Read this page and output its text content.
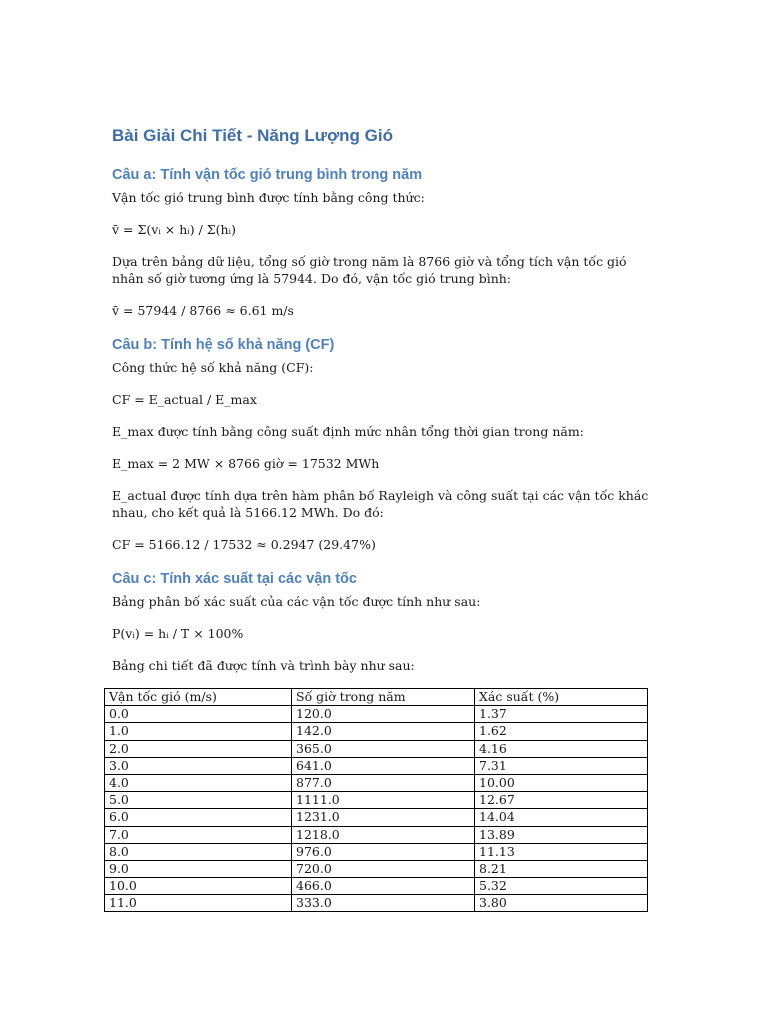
Bài Giải Chi Tiết - Năng Lượng Gió
Câu a: Tính vận tốc gió trung bình trong năm

Vận tốc gió trung bình được tính bằng công thức:

v̄ = Σ(vᵢ × hᵢ) / Σ(hᵢ)

Dựa trên bảng dữ liệu, tổng số giờ trong năm là 8766 giờ và tổng tích vận tốc gió nhân số giờ tương ứng là 57944. Do đó, vận tốc gió trung bình:

v̄ = 57944 / 8766 ≈ 6.61 m/s

Câu b: Tính hệ số khả năng (CF)

Công thức hệ số khả năng (CF):

CF = E_actual / E_max

E_max được tính bằng công suất định mức nhân tổng thời gian trong năm:

E_max = 2 MW × 8766 giờ = 17532 MWh

E_actual được tính dựa trên hàm phân bố Rayleigh và công suất tại các vận tốc khác nhau, cho kết quả là 5166.12 MWh. Do đó:

CF = 5166.12 / 17532 ≈ 0.2947 (29.47%)

Câu c: Tính xác suất tại các vận tốc

Bảng phân bố xác suất của các vận tốc được tính như sau:

P(vᵢ) = hᵢ / T × 100%

Bảng chi tiết đã được tính và trình bày như sau:

Vận tốc gió (m/s)	Số giờ trong năm	Xác suất (%)
0.0	120.0	1.37
1.0	142.0	1.62
2.0	365.0	4.16
3.0	641.0	7.31
4.0	877.0	10.00
5.0	1111.0	12.67
6.0	1231.0	14.04
7.0	1218.0	13.89
8.0	976.0	11.13
9.0	720.0	8.21
10.0	466.0	5.32
11.0	333.0	3.80
